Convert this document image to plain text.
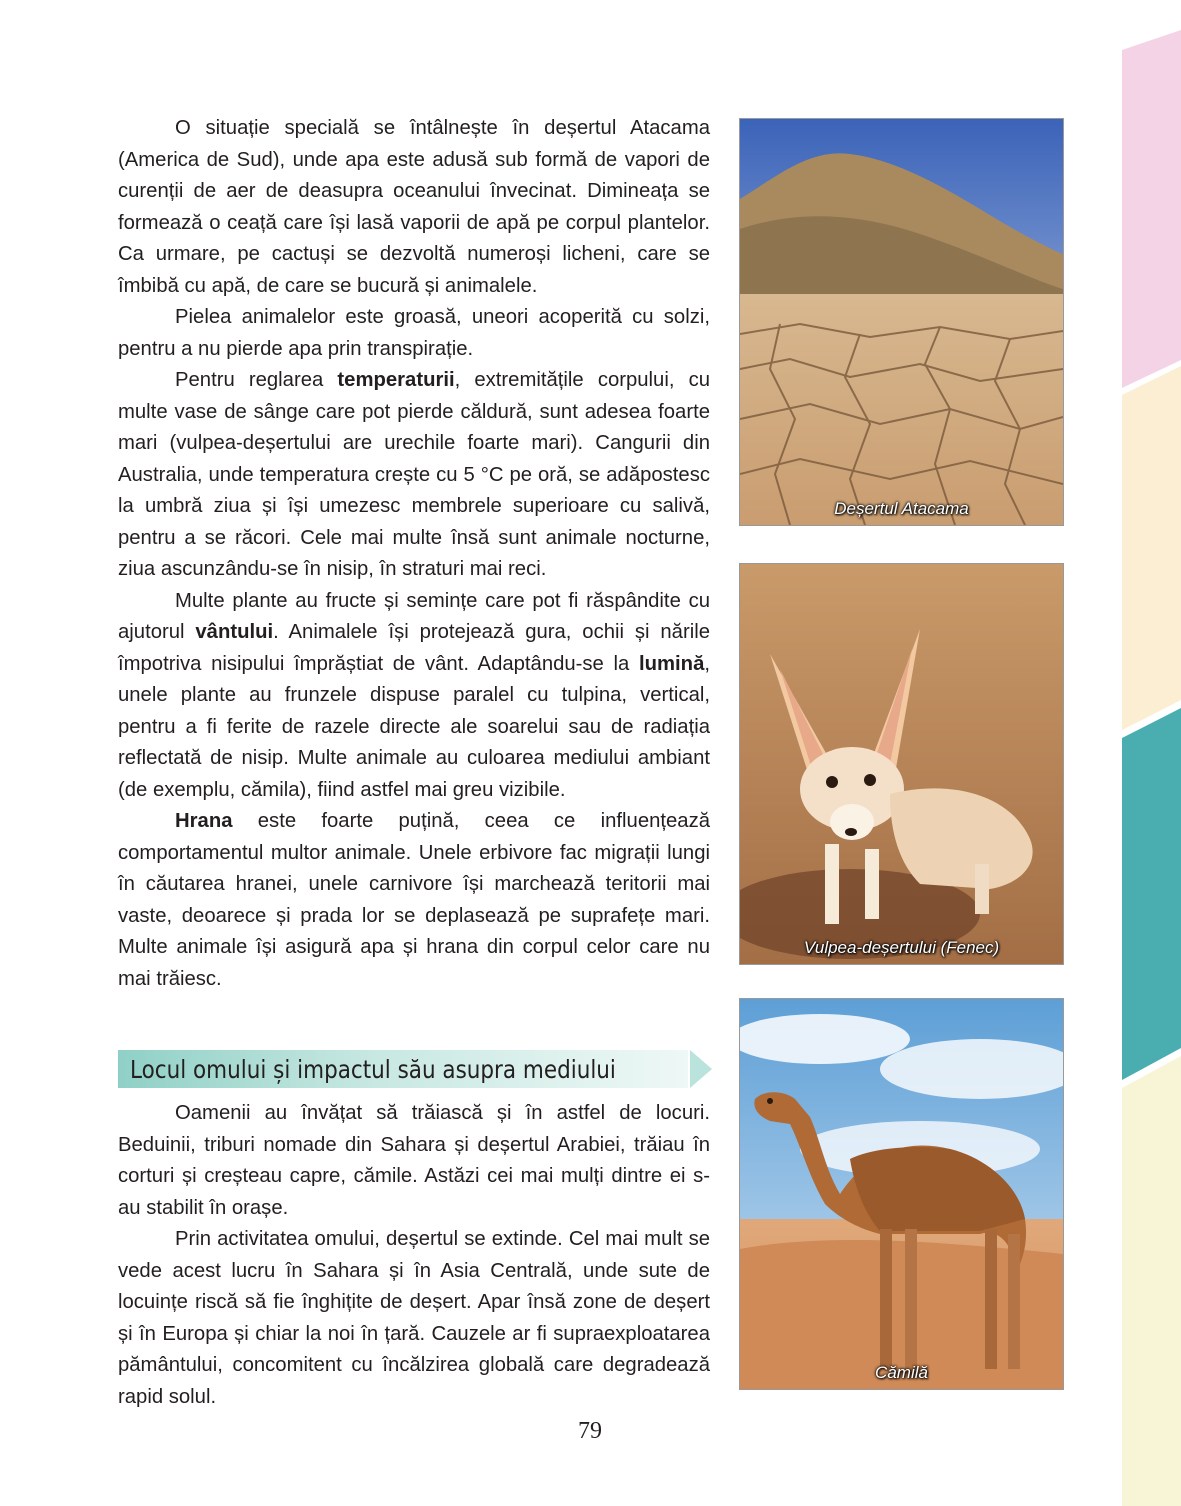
O situație specială se întâlnește în deșertul Atacama (America de Sud), unde apa este adusă sub formă de vapori de curenții de aer de deasupra oceanului învecinat. Dimineața se formează o ceață care își lasă vaporii de apă pe corpul plantelor. Ca urmare, pe cactuși se dezvoltă numeroși licheni, care se îmbibă cu apă, de care se bucură și animalele.

Pielea animalelor este groasă, uneori acoperită cu solzi, pentru a nu pierde apa prin transpirație.

Pentru reglarea temperaturii, extremitățile corpului, cu multe vase de sânge care pot pierde căldură, sunt adesea foarte mari (vulpea-deșertului are urechile foarte mari). Cangurii din Australia, unde temperatura crește cu 5 °C pe oră, se adăpostesc la umbră ziua și își umezesc membrele superioare cu salivă, pentru a se răcori. Cele mai multe însă sunt animale nocturne, ziua ascunzându-se în nisip, în straturi mai reci.

Multe plante au fructe și semințe care pot fi răspândite cu ajutorul vântului. Animalele își protejează gura, ochii și nările împotriva nisipului împrăștiat de vânt. Adaptându-se la lumină, unele plante au frunzele dispuse paralel cu tulpina, vertical, pentru a fi ferite de razele directe ale soarelui sau de radiația reflectată de nisip. Multe animale au culoarea mediului ambiant (de exemplu, cămila), fiind astfel mai greu vizibile.

Hrana este foarte puțină, ceea ce influențează comportamentul multor animale. Unele erbivore fac migrații lungi în căutarea hranei, unele carnivore își marchează teritorii mai vaste, deoarece și prada lor se deplasează pe suprafețe mari. Multe animale își asigură apa și hrana din corpul celor care nu mai trăiesc.

Locul omului și impactul său asupra mediului

Oamenii au învățat să trăiască și în astfel de locuri. Beduinii, triburi nomade din Sahara și deșertul Arabiei, trăiau în corturi și creșteau capre, cămile. Astăzi cei mai mulți dintre ei s-au stabilit în orașe.

Prin activitatea omului, deșertul se extinde. Cel mai mult se vede acest lucru în Sahara și în Asia Centrală, unde sute de locuințe riscă să fie înghițite de deșert. Apar însă zone de deșert și în Europa și chiar la noi în țară. Cauzele ar fi supraexploatarea pământului, concomitent cu încălzirea globală care degradează rapid solul.

Deșertul Atacama
Vulpea-deșertului (Fenec)
Cămilă
79
